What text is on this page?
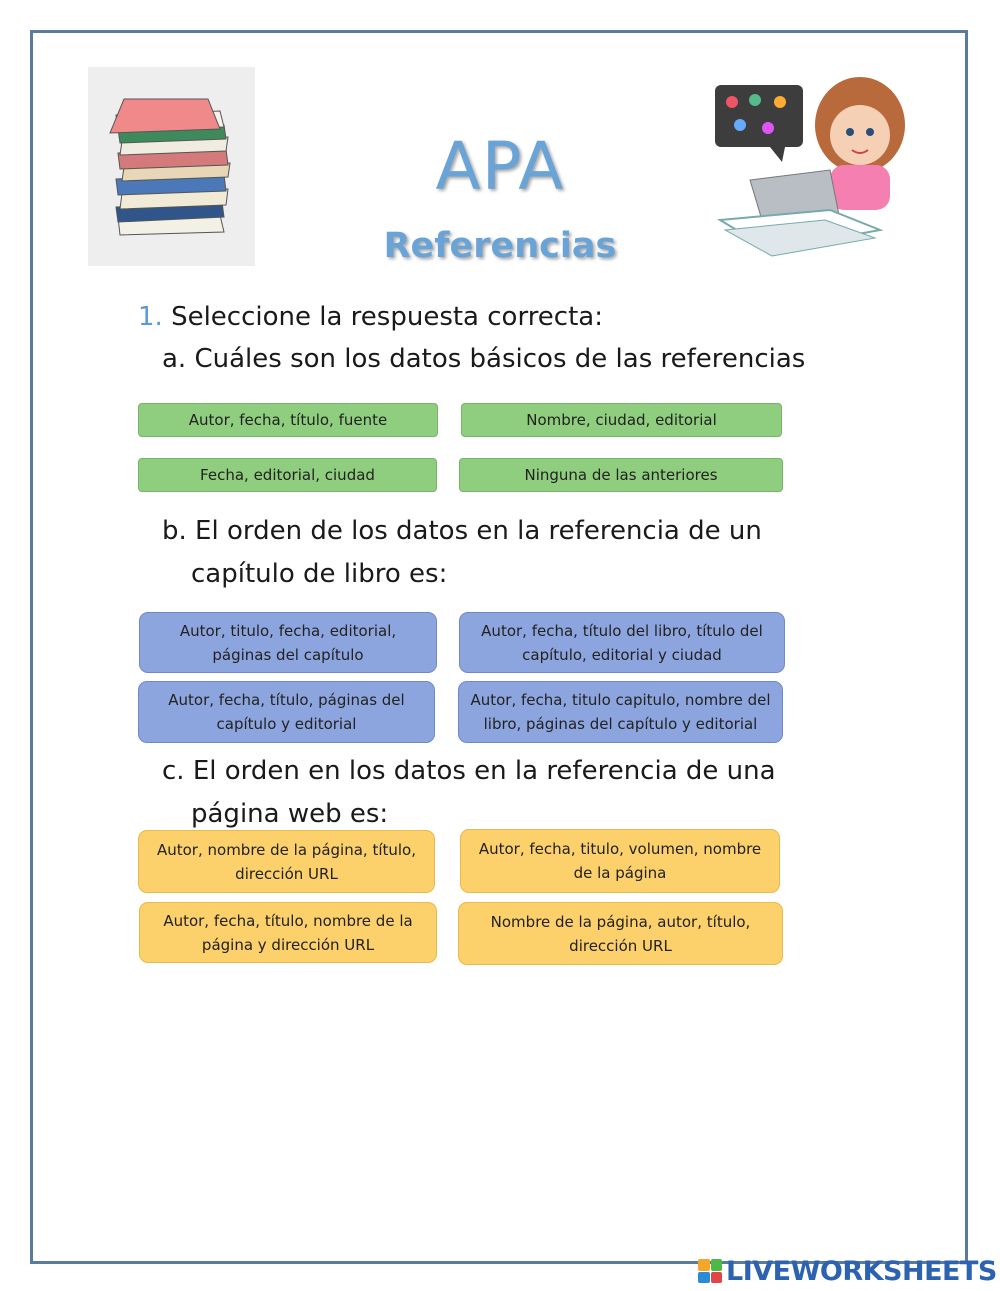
APA
Referencias
1. Seleccione la respuesta correcta:
a. Cuáles son los datos básicos de las referencias
Autor, fecha, título, fuente	Nombre, ciudad, editorial
Fecha, editorial, ciudad	Ninguna de las anteriores
b. El orden de los datos en la referencia de un
capítulo de libro es:
Autor, titulo, fecha, editorial,
páginas del capítulo
Autor, fecha, título del libro, título del
capítulo, editorial y ciudad
Autor, fecha, título, páginas del
capítulo y editorial
Autor, fecha, titulo capitulo, nombre del
libro, páginas del capítulo y editorial
c. El orden en los datos en la referencia de una
página web es:
Autor, nombre de la página, título,
dirección URL
Autor, fecha, titulo, volumen, nombre
de la página
Autor, fecha, título, nombre de la
página y dirección URL
Nombre de la página, autor, título,
dirección URL
LIVEWORKSHEETS
